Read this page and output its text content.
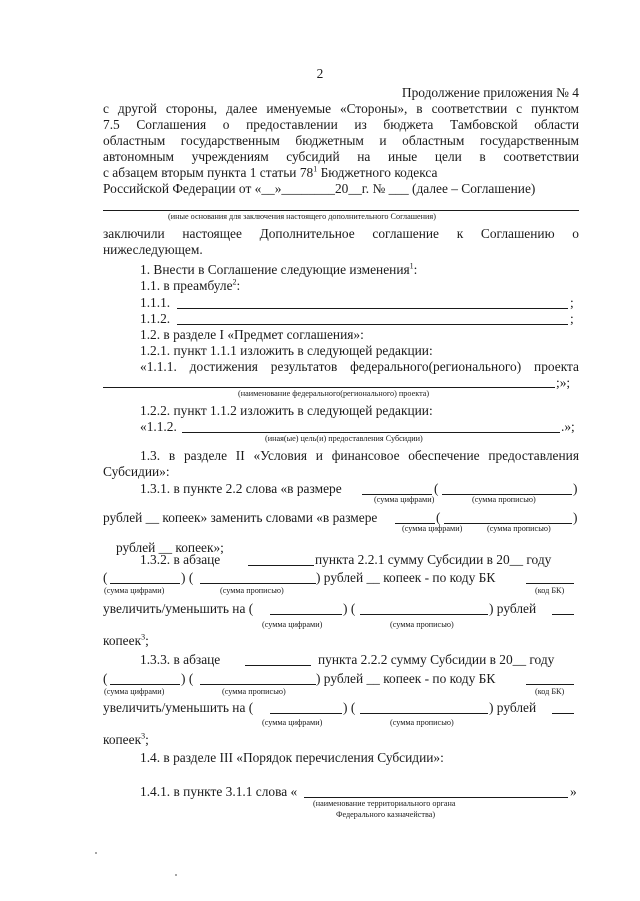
2
Продолжение приложения № 4
с другой стороны, далее именуемые «Стороны», в соответствии с пунктом
7.5 Соглашения о предоставлении из бюджета Тамбовской области
областным государственным бюджетным и областным государственным
автономным учреждениям субсидий на иные цели в соответствии
с абзацем вторым пункта 1 статьи $78^1$ Бюджетного кодекса
Российской Федерации от «__»________20__г. № ___ (далее – Соглашение)
(иные основания для заключения настоящего дополнительного Соглашения)
заключили настоящее Дополнительное соглашение к Соглашению о
нижеследующем.
1. Внести в Соглашение следующие изменения$^1$:
1.1. в преамбуле$^2$:
1.1.1.	;
1.1.2.	;
1.2. в разделе I «Предмет соглашения»:
1.2.1. пункт 1.1.1 изложить в следующей редакции:
«1.1.1. достижения результатов федерального(регионального) проекта
;»;
(наименование федерального(регионального) проекта)
1.2.2. пункт 1.1.2 изложить в следующей редакции:
«1.1.2.	.»;
(иная(ые) цель(и) предоставления Субсидии)
1.3. в разделе II «Условия и финансовое обеспечение предоставления
Субсидии»:
1.3.1. в пункте 2.2 слова «в размере	(	)
(сумма цифрами)	(сумма прописью)
рублей __ копеек» заменить словами «в размере	(	)
(сумма цифрами)	(сумма прописью)
рублей __ копеек»;
1.3.2. в абзаце	пункта 2.2.1 сумму Субсидии в 20__ году
(	) (	) рублей __ копеек - по коду БК
(сумма цифрами)	(сумма прописью)	(код БК)
увеличить/уменьшить на (	) (	) рублей
(сумма цифрами)	(сумма прописью)
копеек$^3$;
1.3.3. в абзаце	пункта 2.2.2 сумму Субсидии в 20__ году
(	) (	) рублей __ копеек - по коду БК
(сумма цифрами)	(сумма прописью)	(код БК)
увеличить/уменьшить на (	) (	) рублей
(сумма цифрами)	(сумма прописью)
копеек$^3$;
1.4. в разделе III «Порядок перечисления Субсидии»:
1.4.1. в пункте 3.1.1 слова «	»
(наименование территориального органа
Федерального казначейства)
